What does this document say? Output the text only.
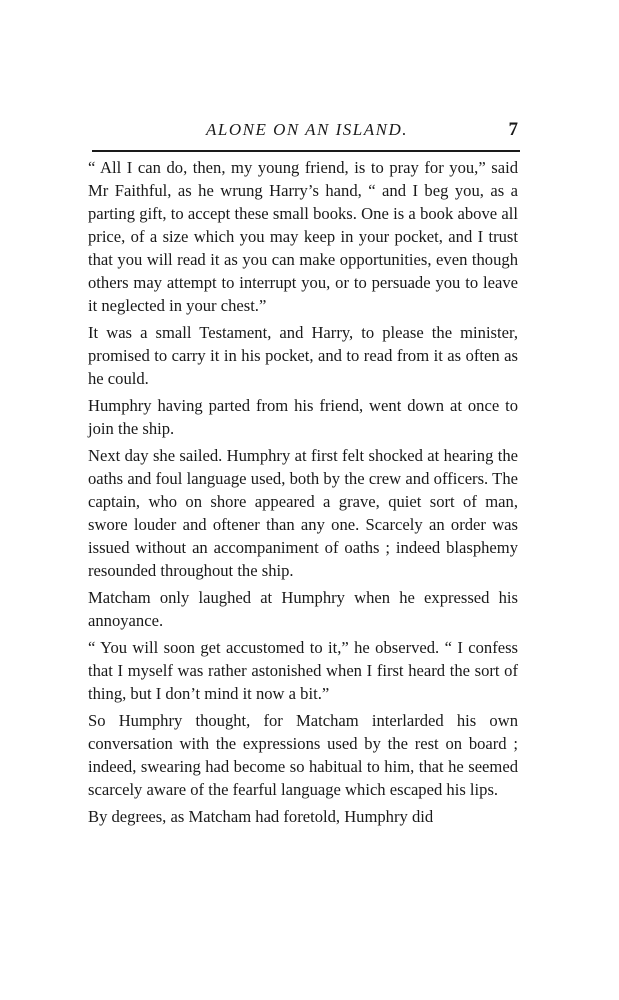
ALONE ON AN ISLAND.	7

“ All I can do, then, my young friend, is to pray for you,” said Mr Faithful, as he wrung Harry’s hand, “ and I beg you, as a parting gift, to accept these small books. One is a book above all price, of a size which you may keep in your pocket, and I trust that you will read it as you can make opportunities, even though others may attempt to interrupt you, or to persuade you to leave it neglected in your chest.”

It was a small Testament, and Harry, to please the minister, promised to carry it in his pocket, and to read from it as often as he could.

Humphry having parted from his friend, went down at once to join the ship.

Next day she sailed. Humphry at first felt shocked at hearing the oaths and foul language used, both by the crew and officers. The captain, who on shore appeared a grave, quiet sort of man, swore louder and oftener than any one. Scarcely an order was issued without an accompaniment of oaths ; indeed blasphemy resounded throughout the ship.

Matcham only laughed at Humphry when he expressed his annoyance.

“ You will soon get accustomed to it,” he observed. “ I confess that I myself was rather astonished when I first heard the sort of thing, but I don’t mind it now a bit.”

So Humphry thought, for Matcham interlarded his own conversation with the expressions used by the rest on board ; indeed, swearing had become so habitual to him, that he seemed scarcely aware of the fearful language which escaped his lips.

By degrees, as Matcham had foretold, Humphry did
